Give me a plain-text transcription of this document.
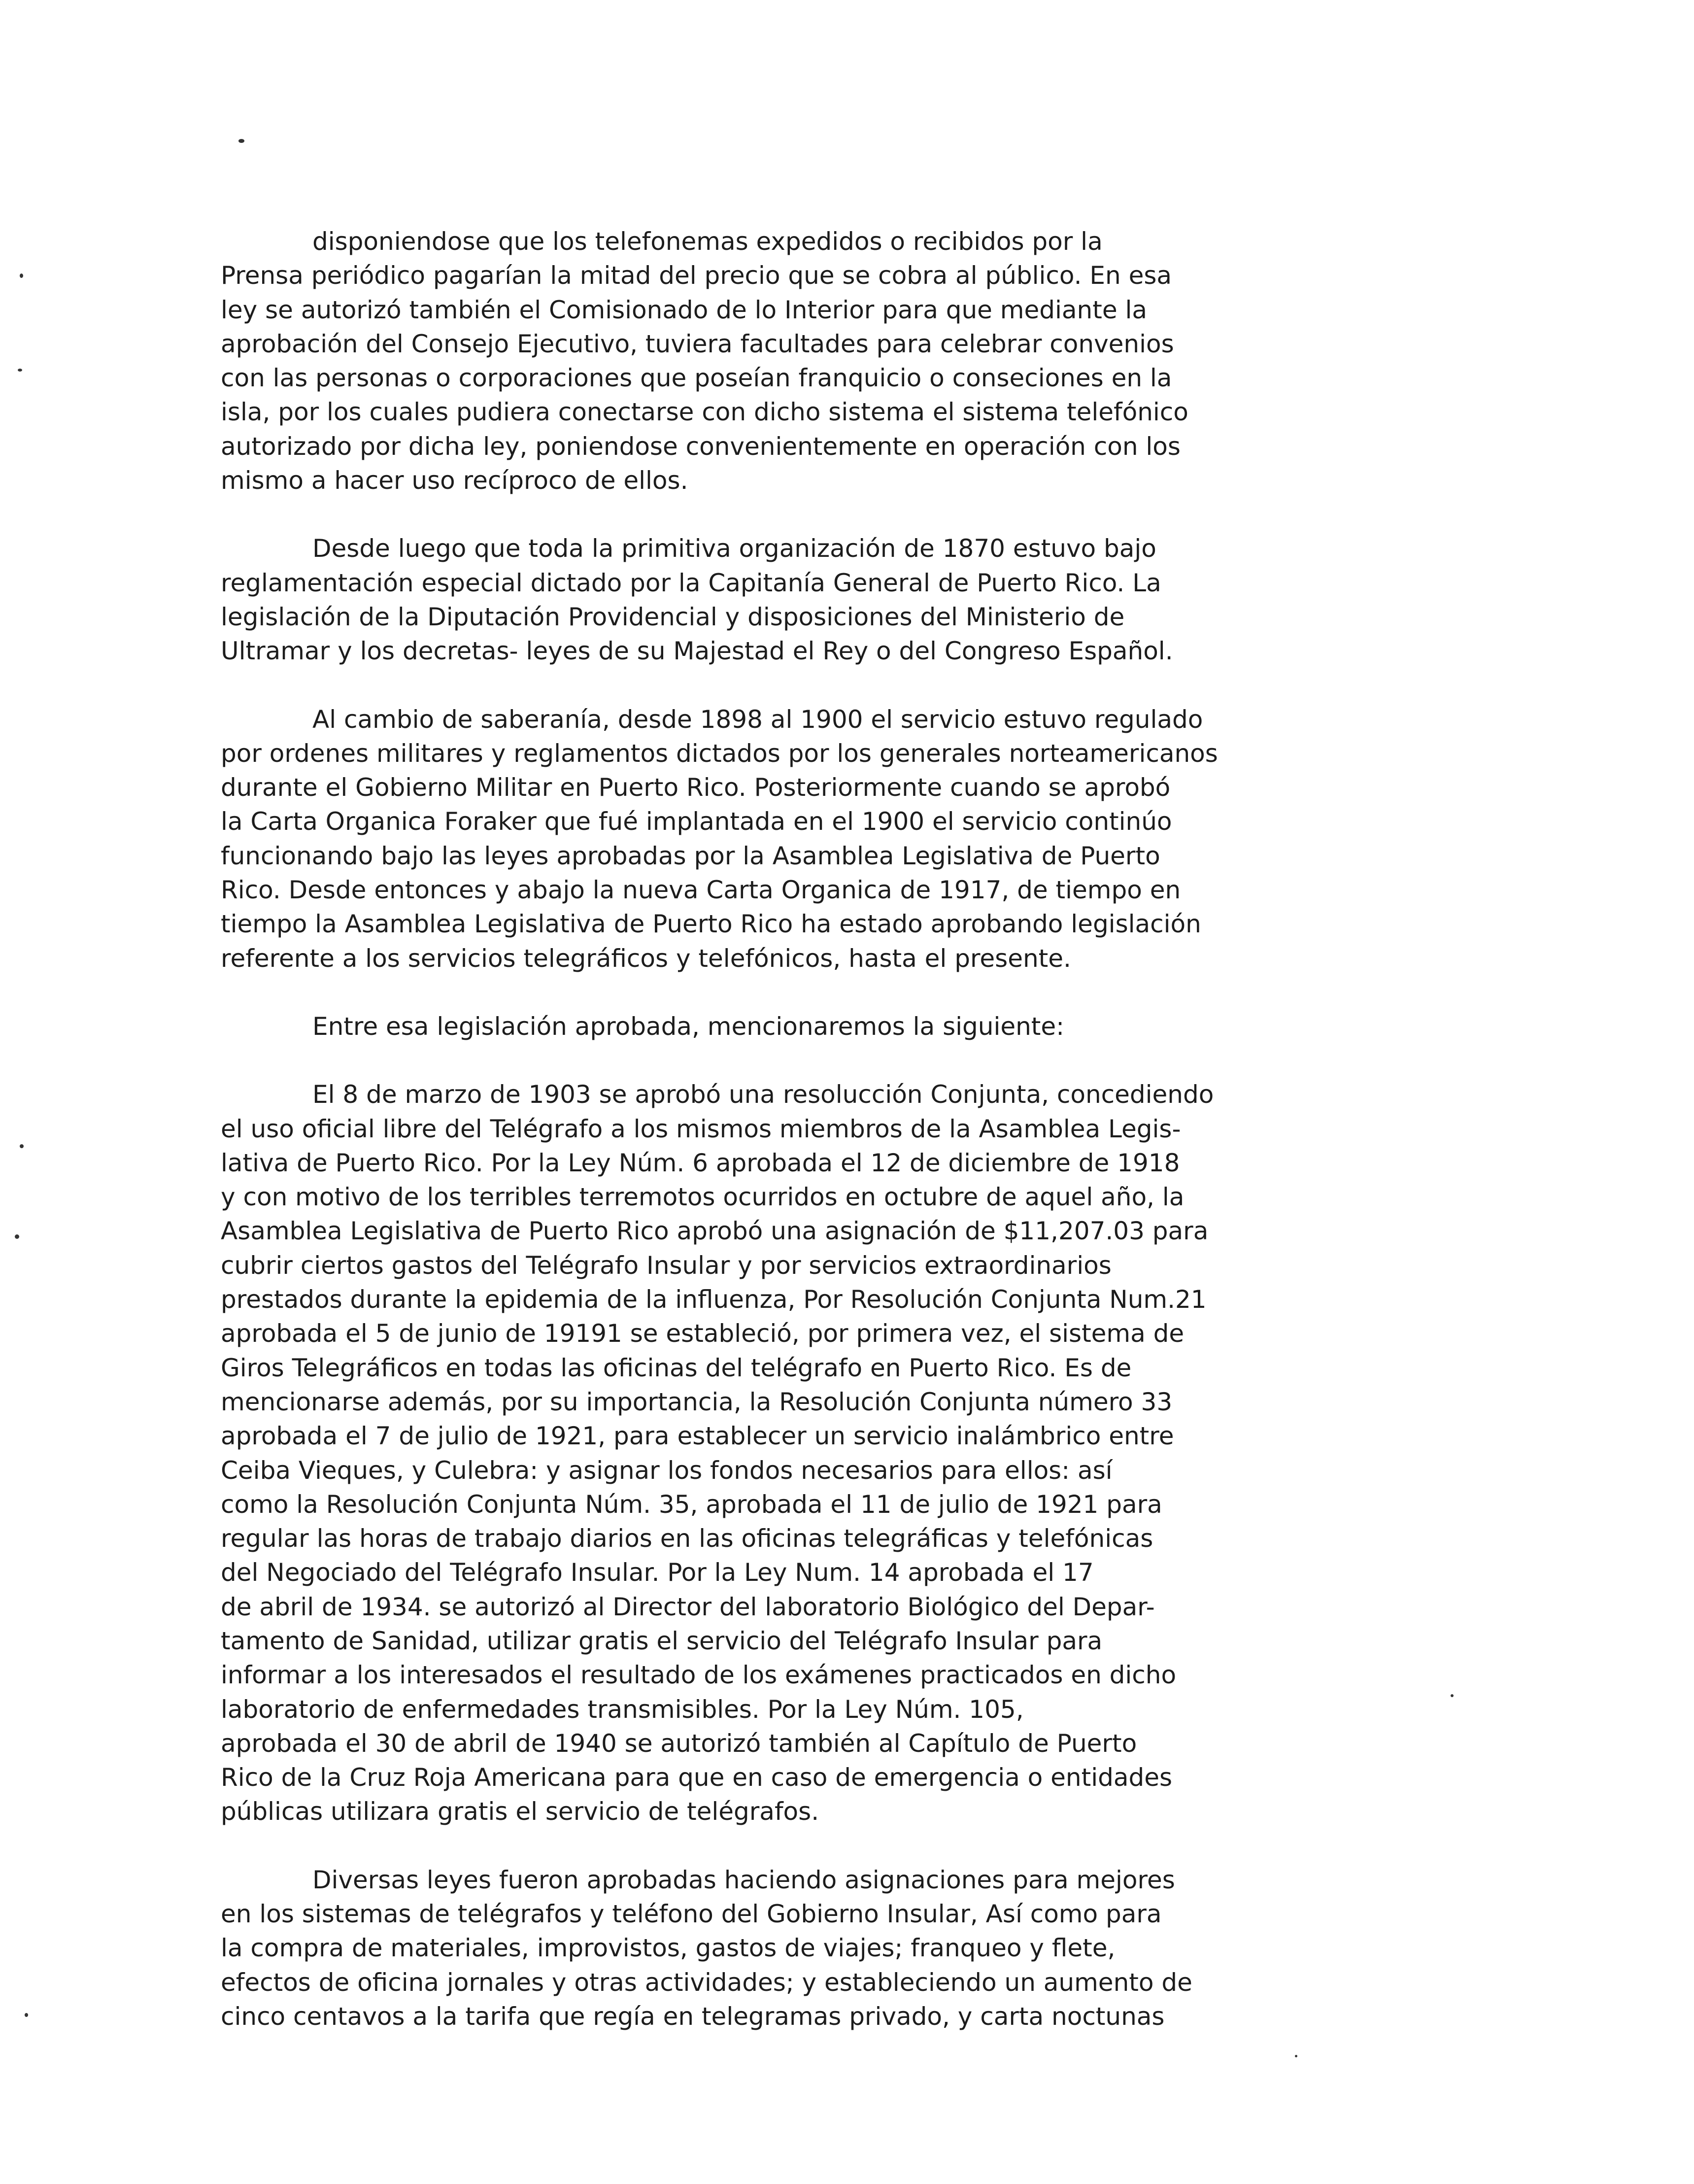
disponiendose que los telefonemas expedidos o recibidos por la
Prensa periódico pagarían la mitad del precio que se cobra al público. En esa
ley se autorizó también el Comisionado de lo Interior para que mediante la
aprobación del Consejo Ejecutivo, tuviera facultades para celebrar convenios
con las personas o corporaciones que poseían franquicio o conseciones en la
isla, por los cuales pudiera conectarse con dicho sistema el sistema telefónico
autorizado por dicha ley, poniendose convenientemente en operación con los
mismo a hacer uso recíproco de ellos.
Desde luego que toda la primitiva organización de 1870 estuvo bajo
reglamentación especial dictado por la Capitanía General de Puerto Rico. La
legislación de la Diputación Providencial y disposiciones del Ministerio de
Ultramar y los decretas- leyes de su Majestad el Rey o del Congreso Español.
Al cambio de saberanía, desde 1898 al 1900 el servicio estuvo regulado
por ordenes militares y reglamentos dictados por los generales norteamericanos
durante el Gobierno Militar en Puerto Rico. Posteriormente cuando se aprobó
la Carta Organica Foraker que fué implantada en el 1900 el servicio continúo
funcionando bajo las leyes aprobadas por la Asamblea Legislativa de Puerto
Rico. Desde entonces y abajo la nueva Carta Organica de 1917, de tiempo en
tiempo la Asamblea Legislativa de Puerto Rico ha estado aprobando legislación
referente a los servicios telegráficos y telefónicos, hasta el presente.
Entre esa legislación aprobada, mencionaremos la siguiente:
El 8 de marzo de 1903 se aprobó una resolucción Conjunta, concediendo
el uso oficial libre del Telégrafo a los mismos miembros de la Asamblea Legis-
lativa de Puerto Rico. Por la Ley Núm. 6 aprobada el 12 de diciembre de 1918
y con motivo de los terribles terremotos ocurridos en octubre de aquel año, la
Asamblea Legislativa de Puerto Rico aprobó una asignación de $11,207.03 para
cubrir ciertos gastos del Telégrafo Insular y por servicios extraordinarios
prestados durante la epidemia de la influenza, Por Resolución Conjunta Num.21
aprobada el 5 de junio de 19191 se estableció, por primera vez, el sistema de
Giros Telegráficos en todas las oficinas del telégrafo en Puerto Rico. Es de
mencionarse además, por su importancia, la Resolución Conjunta número 33
aprobada el 7 de julio de 1921, para establecer un servicio inalámbrico entre
Ceiba Vieques, y Culebra: y asignar los fondos necesarios para ellos: así
como la Resolución Conjunta Núm. 35, aprobada el 11 de julio de 1921 para
regular las horas de trabajo diarios en las oficinas telegráficas y telefónicas
del Negociado del Telégrafo Insular. Por la Ley Num. 14 aprobada el 17
de abril de 1934. se autorizó al Director del laboratorio Biológico del Depar-
tamento de Sanidad, utilizar gratis el servicio del Telégrafo Insular para
informar a los interesados el resultado de los exámenes practicados en dicho
laboratorio de enfermedades transmisibles. Por la Ley Núm. 105,
aprobada el 30 de abril de 1940 se autorizó también al Capítulo de Puerto
Rico de la Cruz Roja Americana para que en caso de emergencia o entidades
públicas utilizara gratis el servicio de telégrafos.
Diversas leyes fueron aprobadas haciendo asignaciones para mejores
en los sistemas de telégrafos y teléfono del Gobierno Insular, Así como para
la compra de materiales, improvistos, gastos de viajes; franqueo y flete,
efectos de oficina jornales y otras actividades; y estableciendo un aumento de
cinco centavos a la tarifa que regía en telegramas privado, y carta noctunas
